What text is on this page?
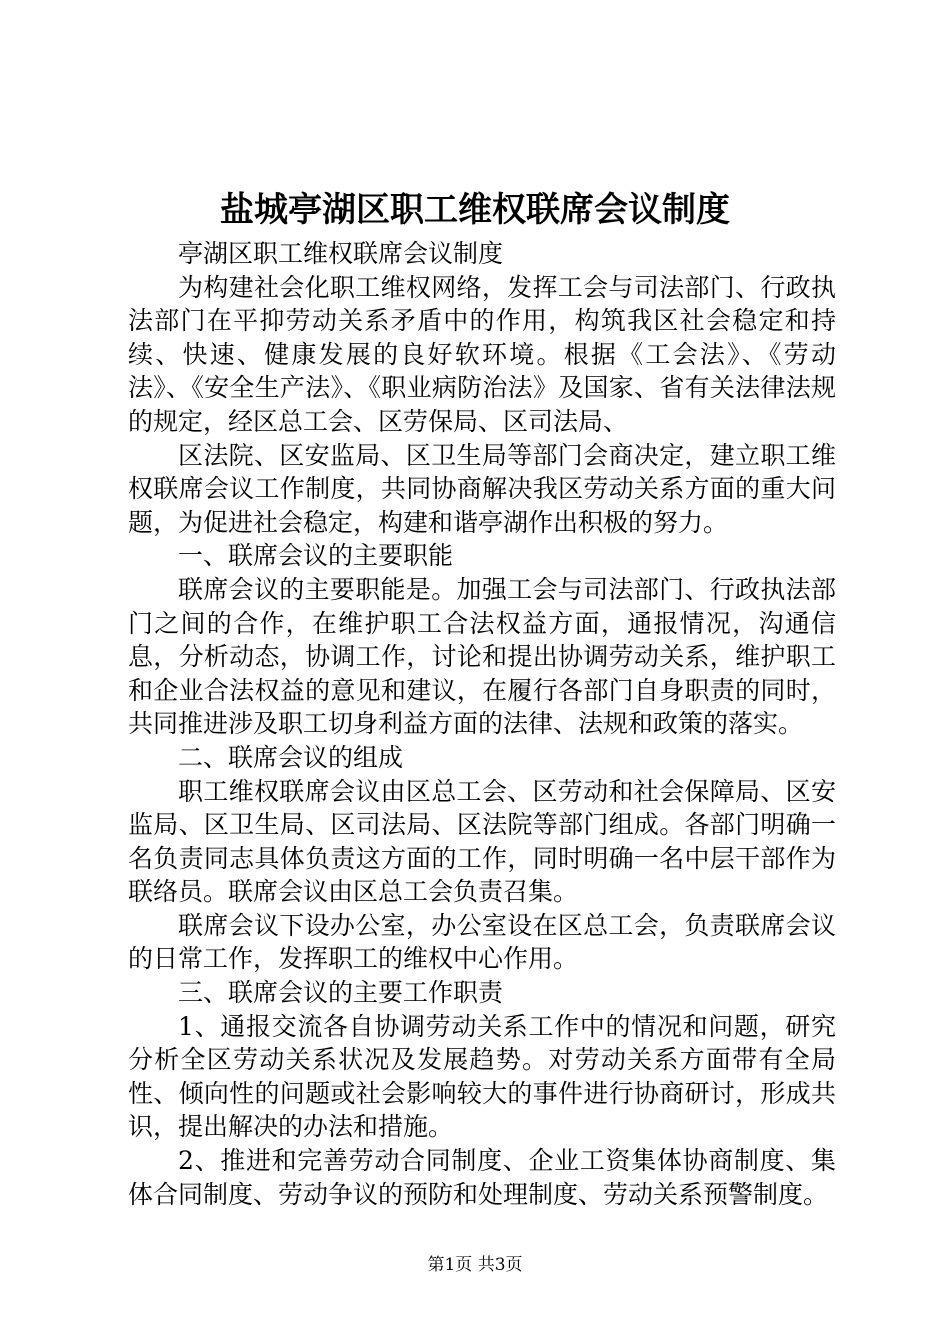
盐城亭湖区职工维权联席会议制度

亭湖区职工维权联席会议制度

为构建社会化职工维权网络，发挥工会与司法部门、行政执法部门在平抑劳动关系矛盾中的作用，构筑我区社会稳定和持续、快速、健康发展的良好软环境。根据《工会法》、《劳动法》、《安全生产法》、《职业病防治法》及国家、省有关法律法规的规定，经区总工会、区劳保局、区司法局、

区法院、区安监局、区卫生局等部门会商决定，建立职工维权联席会议工作制度，共同协商解决我区劳动关系方面的重大问题，为促进社会稳定，构建和谐亭湖作出积极的努力。

一、联席会议的主要职能

联席会议的主要职能是。加强工会与司法部门、行政执法部门之间的合作，在维护职工合法权益方面，通报情况，沟通信息，分析动态，协调工作，讨论和提出协调劳动关系，维护职工和企业合法权益的意见和建议，在履行各部门自身职责的同时，共同推进涉及职工切身利益方面的法律、法规和政策的落实。

二、联席会议的组成

职工维权联席会议由区总工会、区劳动和社会保障局、区安监局、区卫生局、区司法局、区法院等部门组成。各部门明确一名负责同志具体负责这方面的工作，同时明确一名中层干部作为联络员。联席会议由区总工会负责召集。

联席会议下设办公室，办公室设在区总工会，负责联席会议的日常工作，发挥职工的维权中心作用。

三、联席会议的主要工作职责

1、通报交流各自协调劳动关系工作中的情况和问题，研究分析全区劳动关系状况及发展趋势。对劳动关系方面带有全局性、倾向性的问题或社会影响较大的事件进行协商研讨，形成共识，提出解决的办法和措施。

2、推进和完善劳动合同制度、企业工资集体协商制度、集体合同制度、劳动争议的预防和处理制度、劳动关系预警制度。

第1页 共3页
